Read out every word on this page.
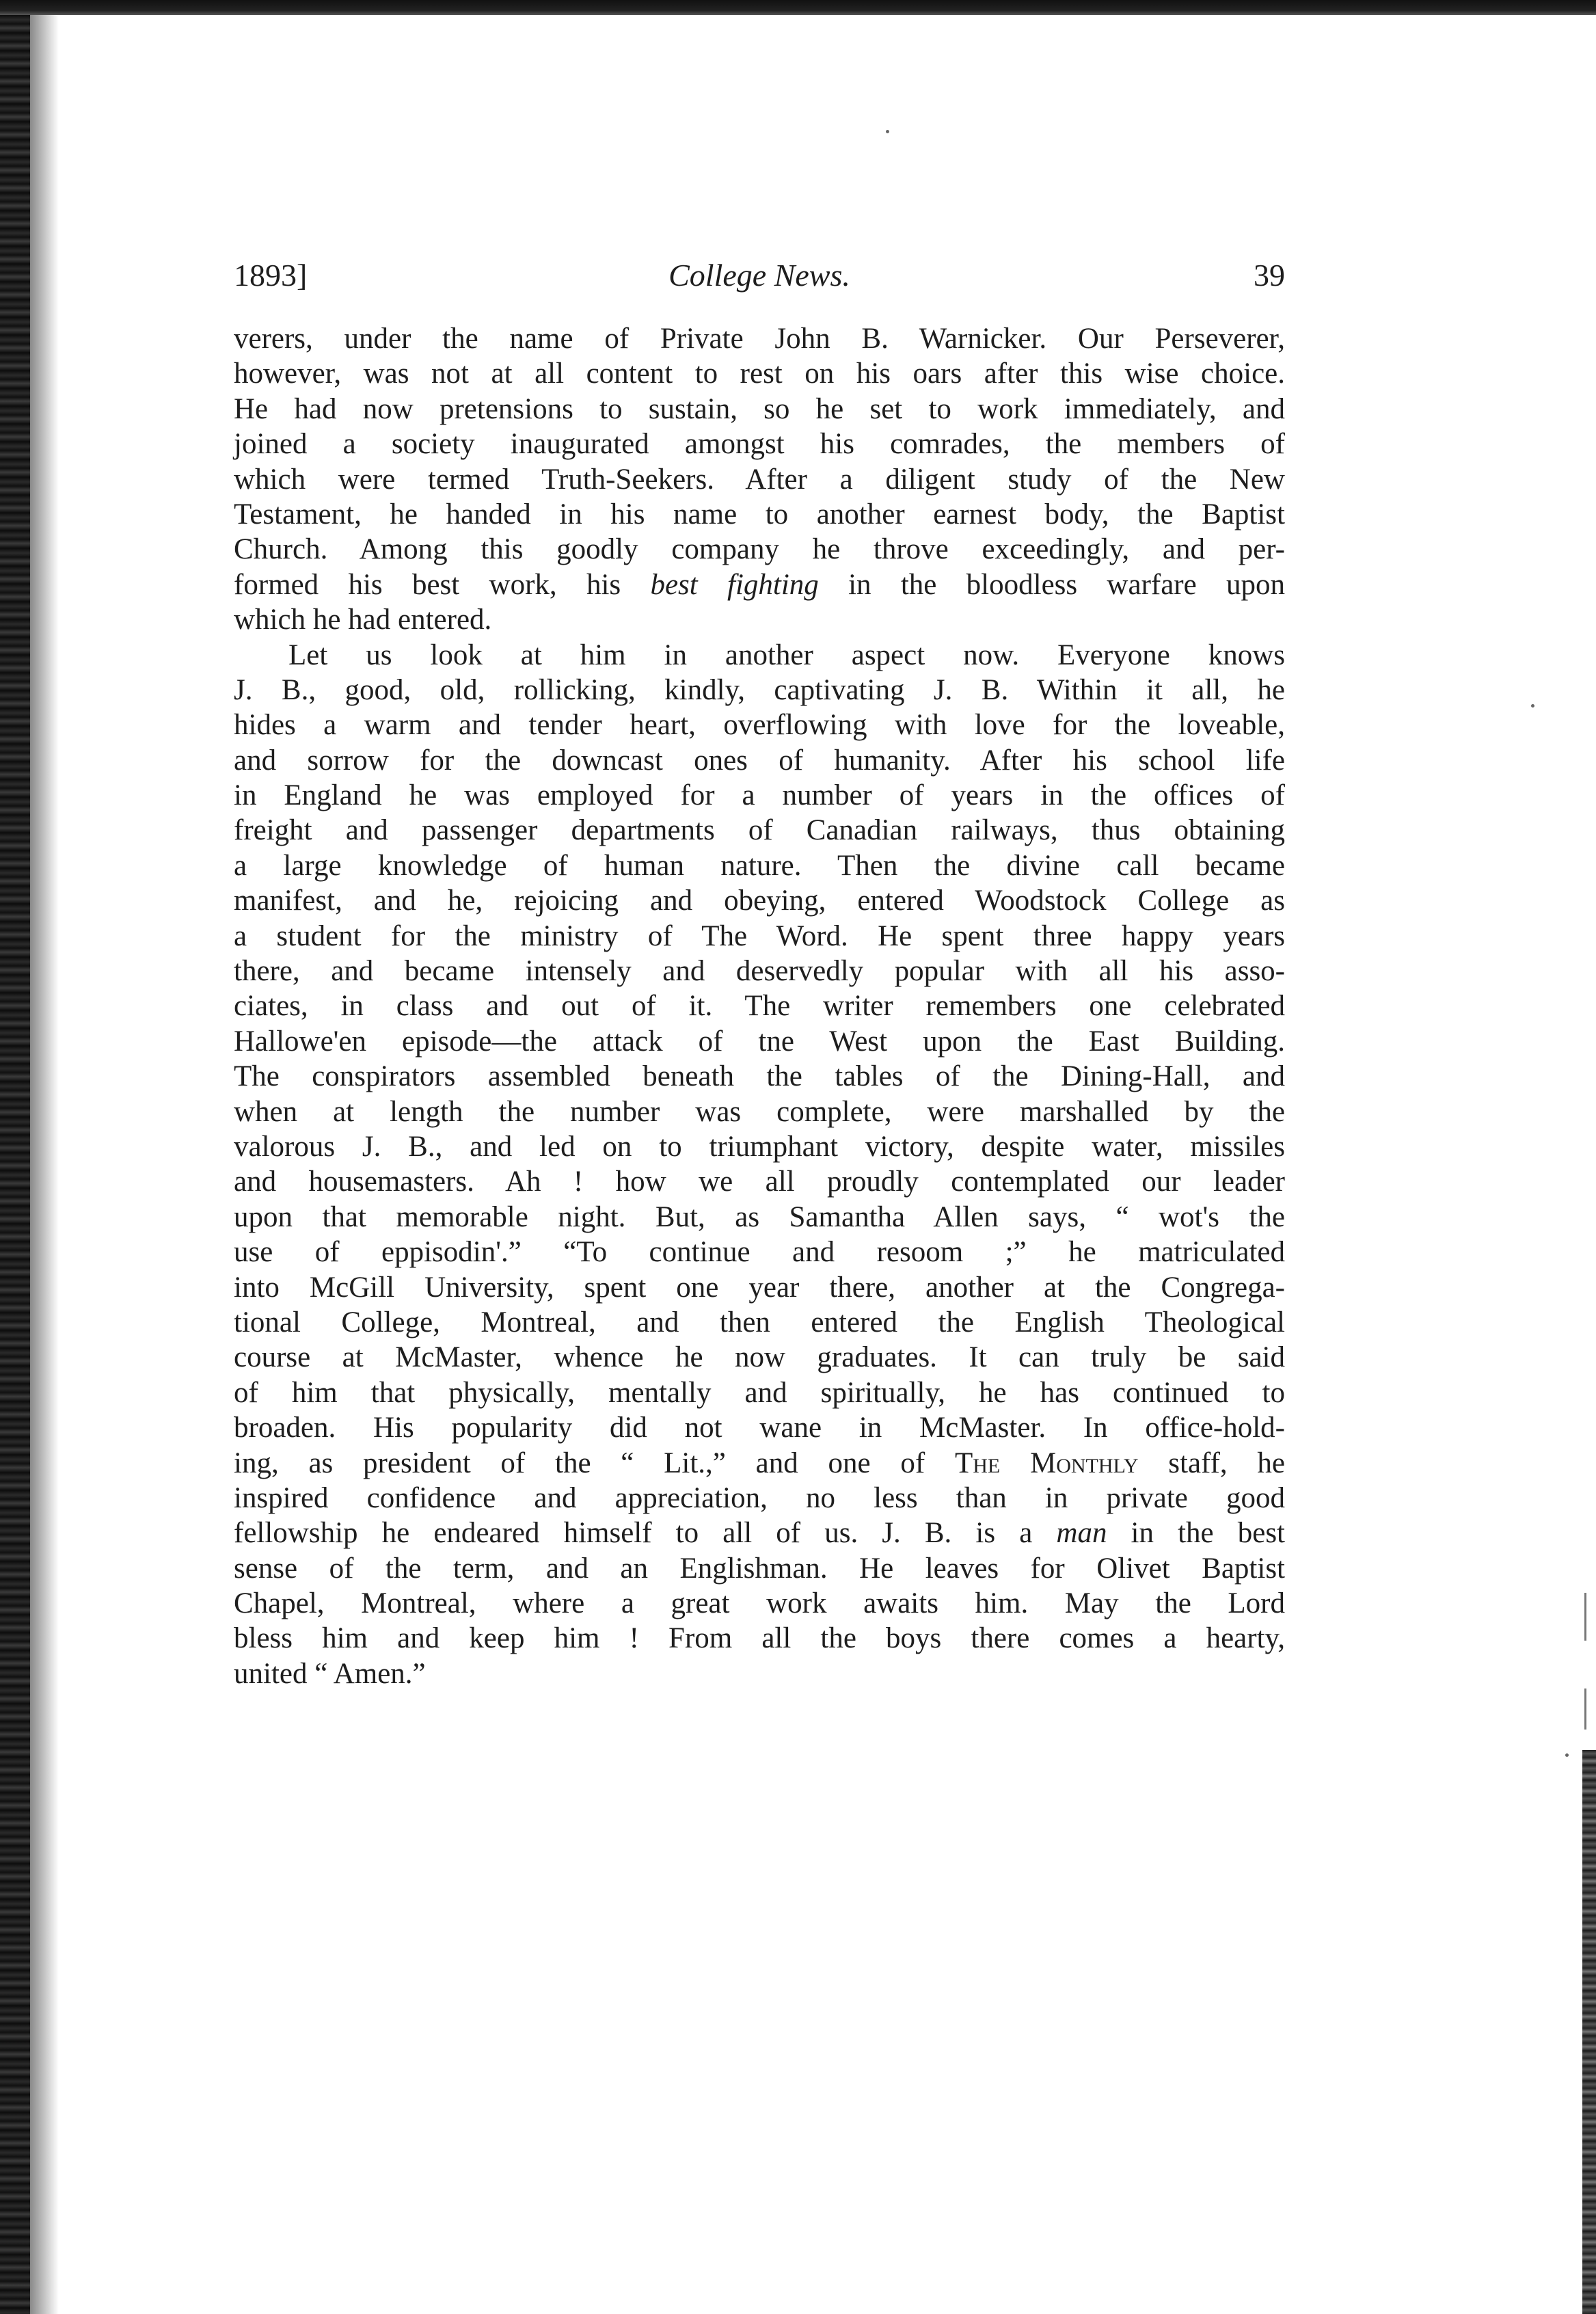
1893]	College News.	39
verers, under the name of Private John B. Warnicker. Our Perseverer,
however, was not at all content to rest on his oars after this wise choice.
He had now pretensions to sustain, so he set to work immediately, and
joined a society inaugurated amongst his comrades, the members of
which were termed Truth-Seekers. After a diligent study of the New
Testament, he handed in his name to another earnest body, the Baptist
Church. Among this goodly company he throve exceedingly, and per-
formed his best work, his best fighting in the bloodless warfare upon
which he had entered.
Let us look at him in another aspect now. Everyone knows
J. B., good, old, rollicking, kindly, captivating J. B. Within it all, he
hides a warm and tender heart, overflowing with love for the loveable,
and sorrow for the downcast ones of humanity. After his school life
in England he was employed for a number of years in the offices of
freight and passenger departments of Canadian railways, thus obtaining
a large knowledge of human nature. Then the divine call became
manifest, and he, rejoicing and obeying, entered Woodstock College as
a student for the ministry of The Word. He spent three happy years
there, and became intensely and deservedly popular with all his asso-
ciates, in class and out of it. The writer remembers one celebrated
Hallowe'en episode—the attack of tne West upon the East Building.
The conspirators assembled beneath the tables of the Dining-Hall, and
when at length the number was complete, were marshalled by the
valorous J. B., and led on to triumphant victory, despite water, missiles
and housemasters. Ah ! how we all proudly contemplated our leader
upon that memorable night. But, as Samantha Allen says, “ wot's the
use of eppisodin'.” “To continue and resoom ;” he matriculated
into McGill University, spent one year there, another at the Congrega-
tional College, Montreal, and then entered the English Theological
course at McMaster, whence he now graduates. It can truly be said
of him that physically, mentally and spiritually, he has continued to
broaden. His popularity did not wane in McMaster. In office-hold-
ing, as president of the “ Lit.,” and one of The Monthly staff, he
inspired confidence and appreciation, no less than in private good
fellowship he endeared himself to all of us. J. B. is a man in the best
sense of the term, and an Englishman. He leaves for Olivet Baptist
Chapel, Montreal, where a great work awaits him. May the Lord
bless him and keep him ! From all the boys there comes a hearty,
united “ Amen.”
